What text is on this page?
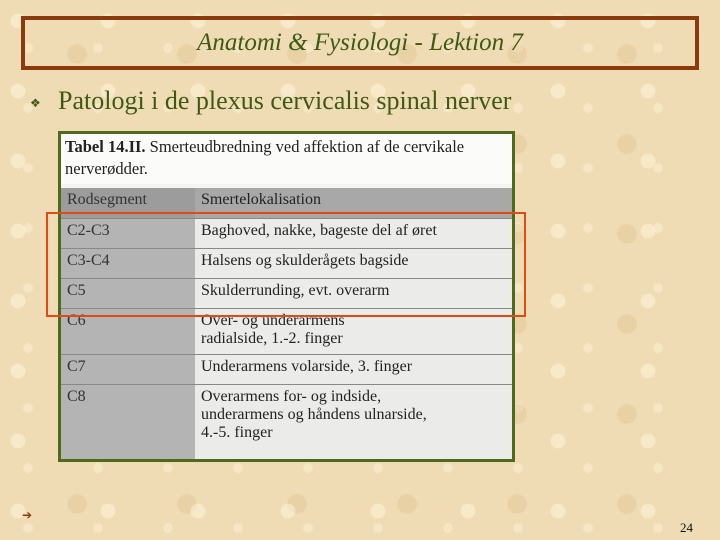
Anatomi & Fysiologi - Lektion 7
❖ Patologi i de plexus cervicalis spinal nerver
Tabel 14.II. Smerteudbredning ved affektion af de cervikale nerverødder.
Rodsegment	Smertelokalisation
C2-C3	Baghoved, nakke, bageste del af øret
C3-C4	Halsens og skulderågets bagside
C5	Skulderrunding, evt. overarm
C6	Over- og underarmens radialside, 1.-2. finger
C7	Underarmens volarside, 3. finger
C8	Overarmens for- og indside, underarmens og håndens ulnarside, 4.-5. finger
➔
24
